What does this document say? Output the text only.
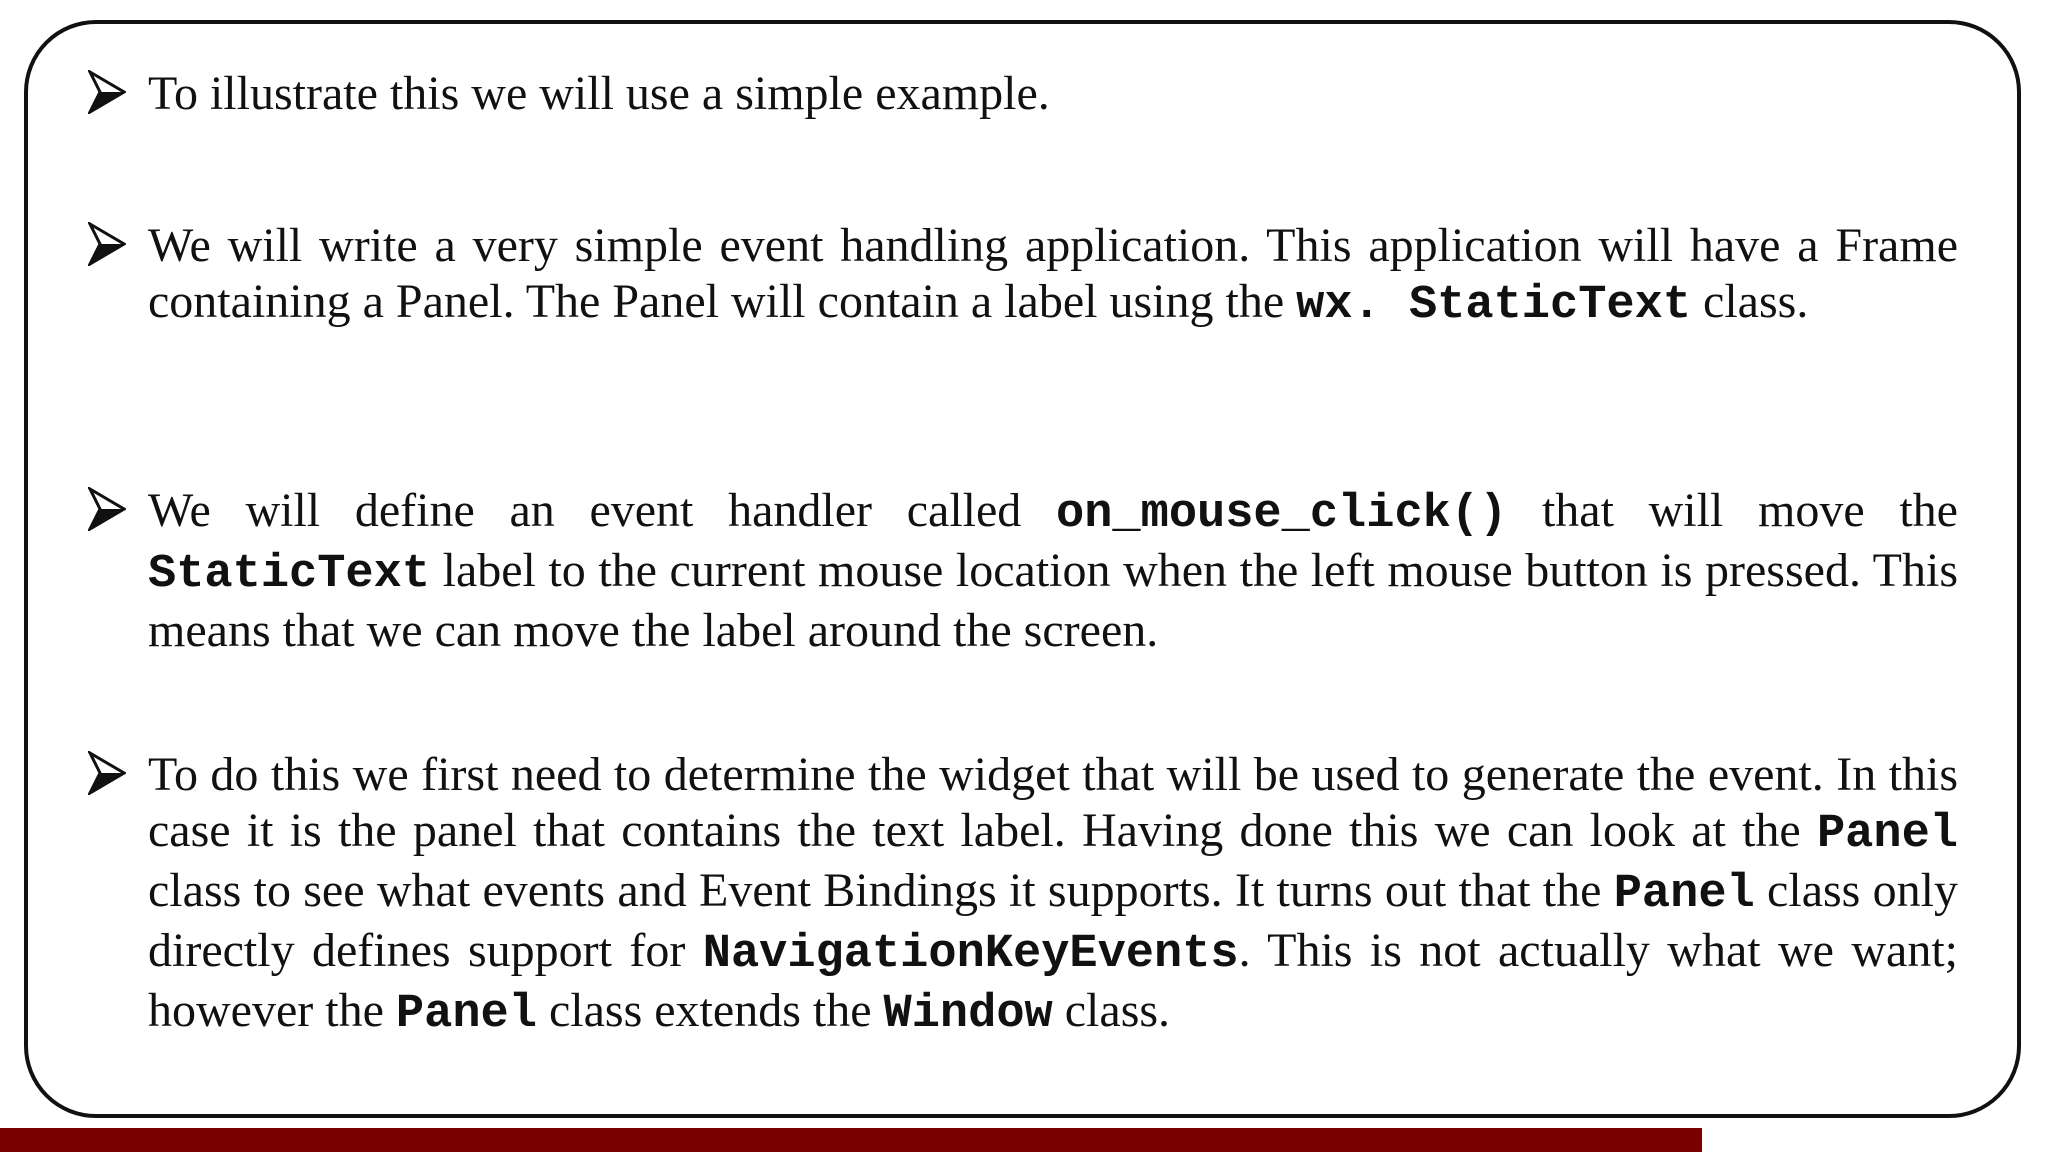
To illustrate this we will use a simple example.
We will write a very simple event handling application. This application will have a Frame containing a Panel. The Panel will contain a label using the wx. StaticText class.
We will define an event handler called on_mouse_click() that will move the StaticText label to the current mouse location when the left mouse button is pressed. This means that we can move the label around the screen.
To do this we first need to determine the widget that will be used to generate the event. In this case it is the panel that contains the text label. Having done this we can look at the Panel class to see what events and Event Bindings it supports. It turns out that the Panel class only directly defines support for NavigationKeyEvents. This is not actually what we want; however the Panel class extends the Window class.
